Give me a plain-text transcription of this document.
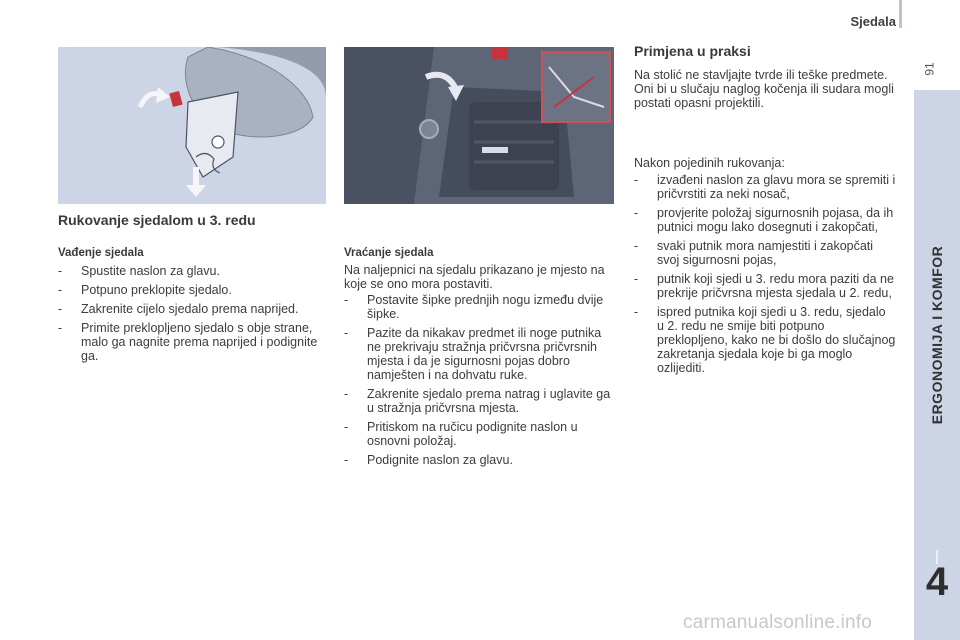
Sjedala
91
ERGONOMIJA I KOMFOR
4
Rukovanje sjedalom u 3. redu
Vađenje sjedala
- Spustite naslon za glavu.
- Potpuno preklopite sjedalo.
- Zakrenite cijelo sjedalo prema naprijed.
- Primite preklopljeno sjedalo s obje strane, malo ga nagnite prema naprijed i podignite ga.
Vraćanje sjedala

Na naljepnici na sjedalu prikazano je mjesto na koje se ono mora postaviti.

- Postavite šipke prednjih nogu između dvije šipke.
- Pazite da nikakav predmet ili noge putnika ne prekrivaju stražnja pričvrsna pričvrsnih mjesta i da je sigurnosni pojas dobro namješten i na dohvatu ruke.
- Zakrenite sjedalo prema natrag i uglavite ga u stražnja pričvrsna mjesta.
- Pritiskom na ručicu podignite naslon u osnovni položaj.
- Podignite naslon za glavu.
Primjena u praksi

Na stolić ne stavljajte tvrde ili teške predmete. Oni bi u slučaju naglog kočenja ili sudara mogli postati opasni projektili.

Nakon pojedinih rukovanja:

- izvađeni naslon za glavu mora se spremiti i pričvrstiti za neki nosač,
- provjerite položaj sigurnosnih pojasa, da ih putnici mogu lako dosegnuti i zakopčati,
- svaki putnik mora namjestiti i zakopčati svoj sigurnosni pojas,
- putnik koji sjedi u 3. redu mora paziti da ne prekrije pričvrsna mjesta sjedala u 2. redu,
- ispred putnika koji sjedi u 3. redu, sjedalo u 2. redu ne smije biti potpuno preklopljeno, kako ne bi došlo do slučajnog zakretanja sjedala koje bi ga moglo ozlijediti.
carmanualsonline.info
